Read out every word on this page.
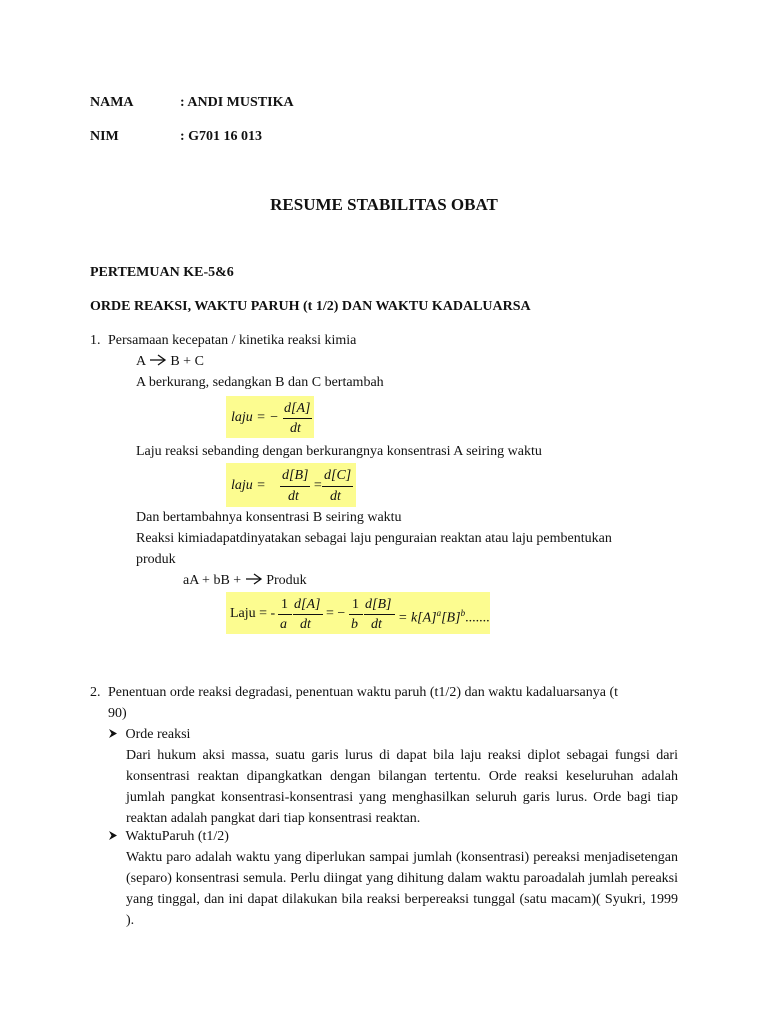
NAMA	: ANDI MUSTIKA
NIM	: G701 16 013
RESUME STABILITAS OBAT
PERTEMUAN KE-5&6
ORDE REAKSI, WAKTU PARUH (t 1/2) DAN WAKTU KADALUARSA
1. Persamaan kecepatan / kinetika reaksi kimia
A B + C
A berkurang, sedangkan B dan C bertambah
laju = −
d[A]
dt
Laju reaksi sebanding dengan berkurangnya konsentrasi A seiring waktu
laju =
d[B]
dt
=
d[C]
dt
Dan bertambahnya konsentrasi B seiring waktu
Reaksi kimiadapatdinyatakan sebagai laju penguraian reaktan atau laju pembentukan
produk
aA + bB + Produk
Laju = -
1
a
d[A]
dt
= −
1
b
d[B]
dt = $k[A]^a[B]^b$.......
2. Penentuan orde reaksi degradasi, penentuan waktu paruh (t1/2) dan waktu kadaluarsanya (t
90)
Orde reaksi
Dari hukum aksi massa, suatu garis lurus di dapat bila laju reaksi diplot sebagai fungsi dari konsentrasi reaktan dipangkatkan dengan bilangan tertentu. Orde reaksi keseluruhan adalah jumlah pangkat konsentrasi-konsentrasi yang menghasilkan seluruh garis lurus. Orde bagi tiap reaktan adalah pangkat dari tiap konsentrasi reaktan.
WaktuParuh (t1/2)
Waktu paro adalah waktu yang diperlukan sampai jumlah (konsentrasi) pereaksi menjadisetengan (separo) konsentrasi semula. Perlu diingat yang dihitung dalam waktu paroadalah jumlah pereaksi yang tinggal, dan ini dapat dilakukan bila reaksi berpereaksi tunggal (satu macam)( Syukri, 1999 ).
